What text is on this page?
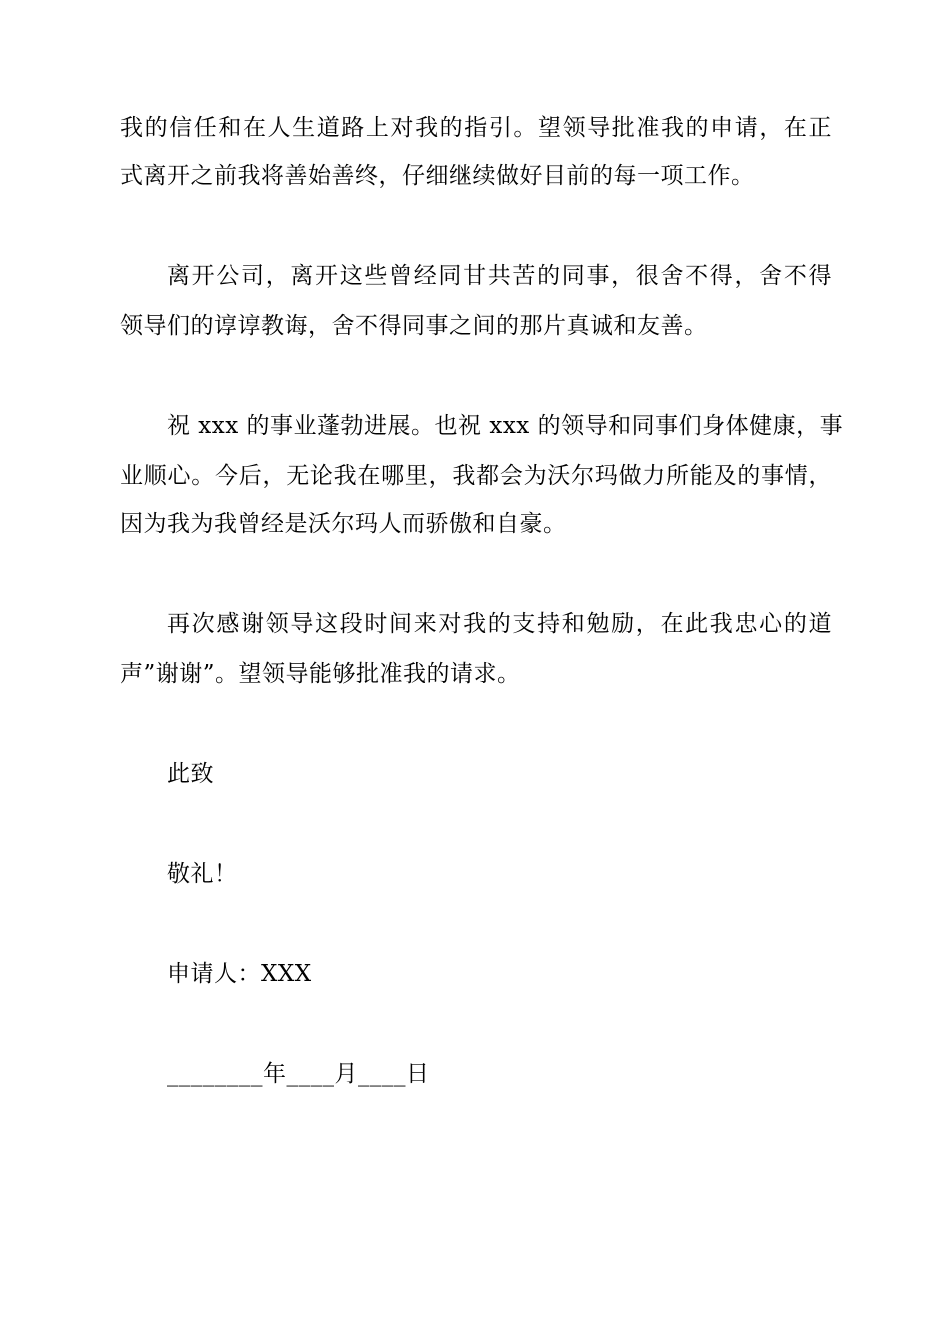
我的信任和在人生道路上对我的指引。望领导批准我的申请，在正
式离开之前我将善始善终，仔细继续做好目前的每一项工作。
离开公司，离开这些曾经同甘共苦的同事，很舍不得，舍不得
领导们的谆谆教诲，舍不得同事之间的那片真诚和友善。
祝 xxx 的事业蓬勃进展。也祝 xxx 的领导和同事们身体健康，事
业顺心。今后，无论我在哪里，我都会为沃尔玛做力所能及的事情，
因为我为我曾经是沃尔玛人而骄傲和自豪。
再次感谢领导这段时间来对我的支持和勉励，在此我忠心的道
声”谢谢”。望领导能够批准我的请求。
此致
敬礼！
申请人：XXX
________年____月____日
